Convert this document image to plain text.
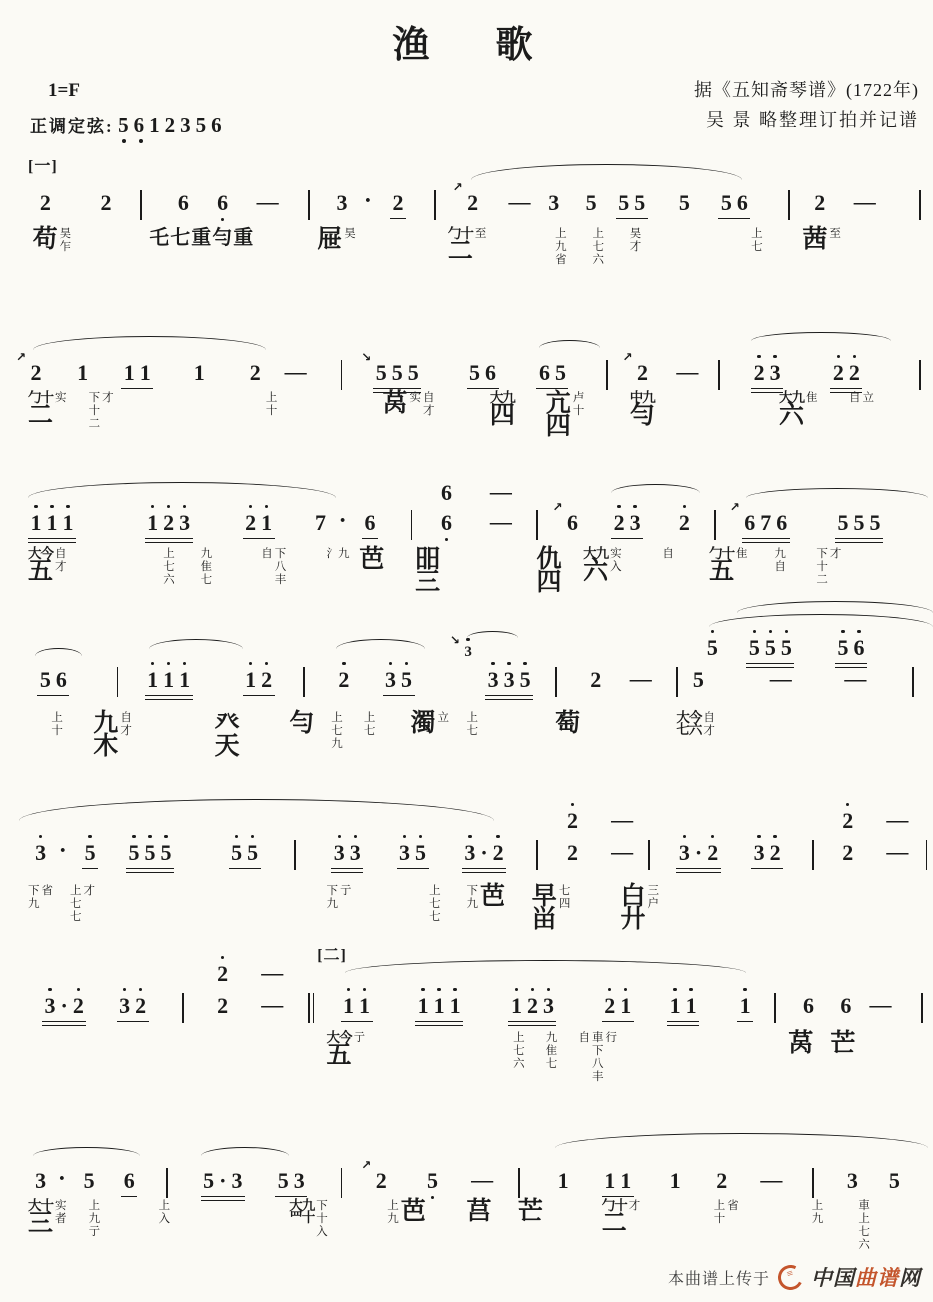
渔 歌
1=F
正调定弦: 5612356
据《五知斋琴谱》(1722年)
吴 景 略整理订拍并记谱
[一]
2 2	6 6 —	3 · 2
↗
2 — 3 5 5 5 5 5 6	2 —
苟 昊
乍	乇七重勻重	屉 昊	勹十
二
至	上
九
省
上
七
六
昊
才
上
七 茜 至
↗
2 1 1 1 1 2 —
↘
5 5 5 5 6 6 5
↗
2 —	2 3 2 2
勹十
二
实 下
十
二
才	上
十	莴 实 自
才
大九
四 亢
四
卢
十
中九
勻
大九
六
隹	自 立
1 1 1	1 2 3 2 1 7 · 6
6
6
—
—
↗
6 2 3 2
↗
6 7 6 5 5 5
大今
五
自
才
上
七
六
九
隹
七
自 下
八
丰
氵九 芭 昍
三
仇
四
大九
六
实
入
自	勹十
五
隹 九
自
下
十
二
才
5 6	1 1 1 1 2	2 3 5
↘
3
3 3 5	2 — 5
5 5 5 5
—
5 6
—
上
十 九
木
自
才	癶
天
勻 上
七
九
上
七 濁 立 上
七	萄	大今
七六
自
才
3 · 5 5 5 5	5 5	3 3 3 5 3 · 2
2
2
—
— 3 · 2 3 2
2
2
—
—
下
九
省 上
七
七
才	下
九
亍	上
七
七
下
九 芭 早
畄
七
四 白
廾
三
户
3 · 2 3 2
2
2
—
—
[二]
1 1 1 1 1 1 2 3 2 1 1 1 1 6 6 —
大今
五
亍	上
七
六
九
隹
七
自 車
下
八
丰
行	莴 芒
3 · 5 6	5 · 3 5 3
↗
2 5 —	1 1 1 1 2 —	3 5
大十
三
实
者
上
九
亍
上
入
大九
罒十
下
十
入
上
九 芭 莒 芒	勹十
二
才	上
十
省	上
九
車
上
七
六
本曲谱上传于 ≡ 中国曲谱网
